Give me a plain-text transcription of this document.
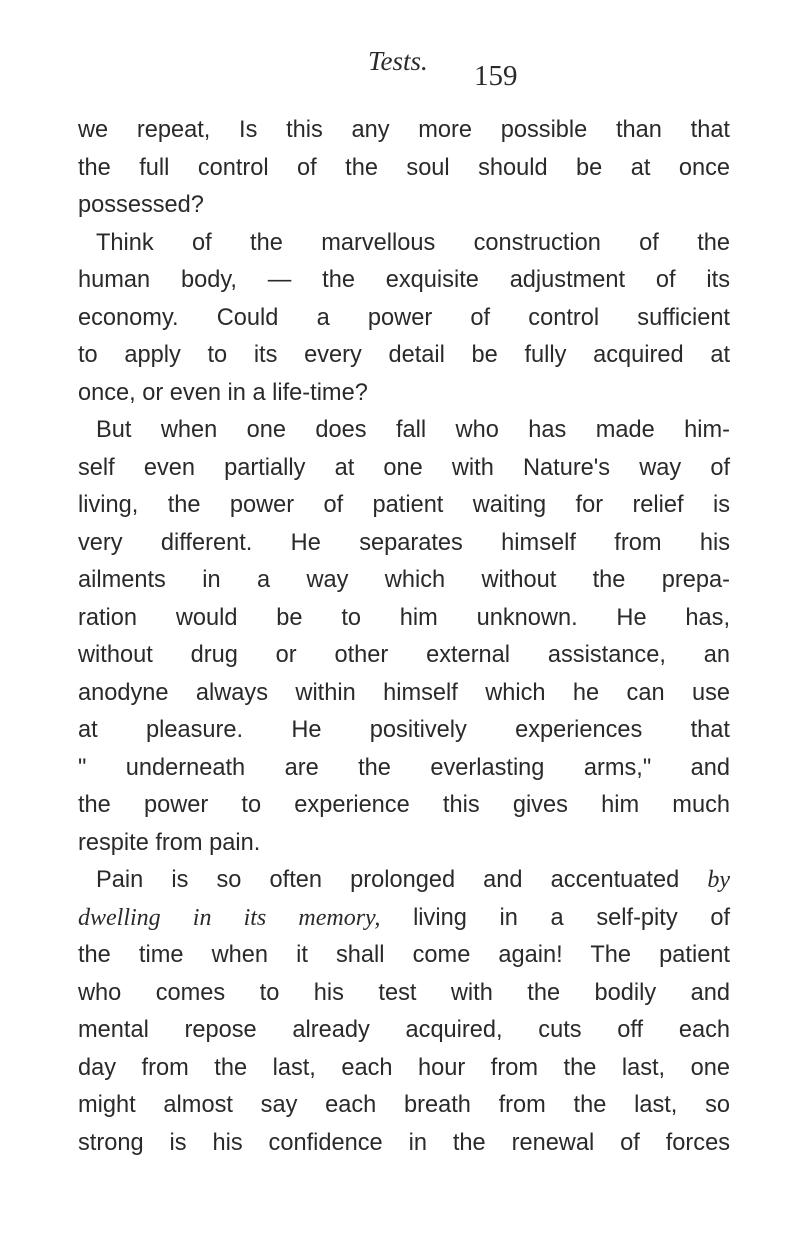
Tests. 159
we repeat, Is this any more possible than that
the full control of the soul should be at once
possessed?
Think of the marvellous construction of the
human body, — the exquisite adjustment of its
economy. Could a power of control sufficient
to apply to its every detail be fully acquired at
once, or even in a life-time?
But when one does fall who has made him-
self even partially at one with Nature's way of
living, the power of patient waiting for relief is
very different. He separates himself from his
ailments in a way which without the prepa-
ration would be to him unknown. He has,
without drug or other external assistance, an
anodyne always within himself which he can use
at pleasure. He positively experiences that
" underneath are the everlasting arms," and
the power to experience this gives him much
respite from pain.
Pain is so often prolonged and accentuated by
dwelling in its memory, living in a self-pity of
the time when it shall come again! The patient
who comes to his test with the bodily and
mental repose already acquired, cuts off each
day from the last, each hour from the last, one
might almost say each breath from the last, so
strong is his confidence in the renewal of forces
